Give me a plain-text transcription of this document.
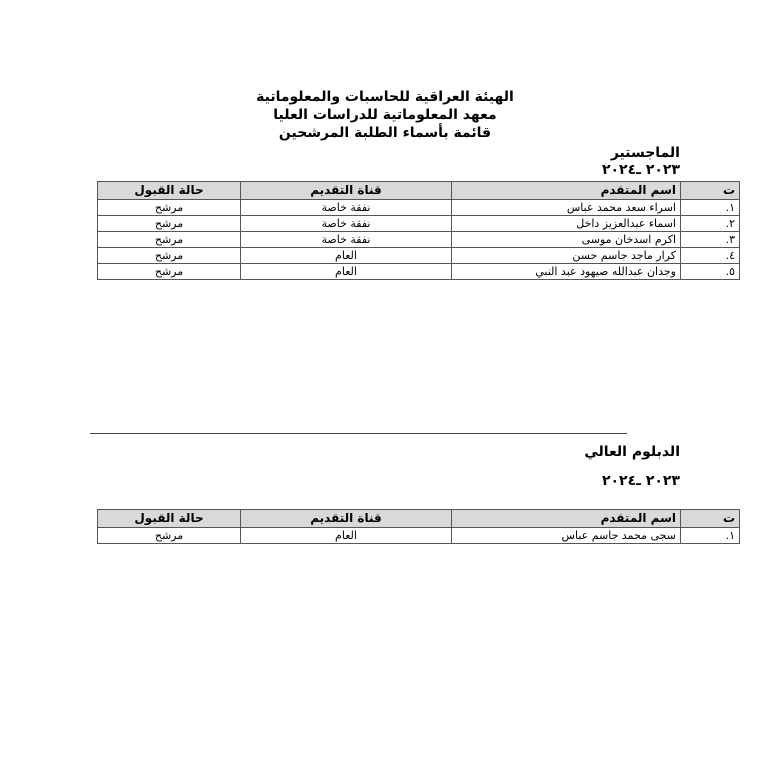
الهيئة العراقية للحاسبات والمعلوماتية
معهد المعلوماتية للدراسات العليا
قائمة بأسماء الطلبة المرشحين
الماجستير
٢٠٢٣ ـ٢٠٢٤
ت	اسم المتقدم	قناة التقديم	حالة القبول
١.	اسراء سعد محمد عباس	نفقة خاصة	مرشح
٢.	اسماء عبدالعزيز داخل	نفقة خاصة	مرشح
٣.	اكرم اسدخان موسى	نفقة خاصة	مرشح
٤.	كرار ماجد جاسم حسن	العام	مرشح
٥.	وجدان عبدالله صيهود عبد النبي	العام	مرشح
الدبلوم العالي
٢٠٢٣ ـ٢٠٢٤
ت	اسم المتقدم	قناة التقديم	حالة القبول
١.	سجى محمد جاسم عباس	العام	مرشح
